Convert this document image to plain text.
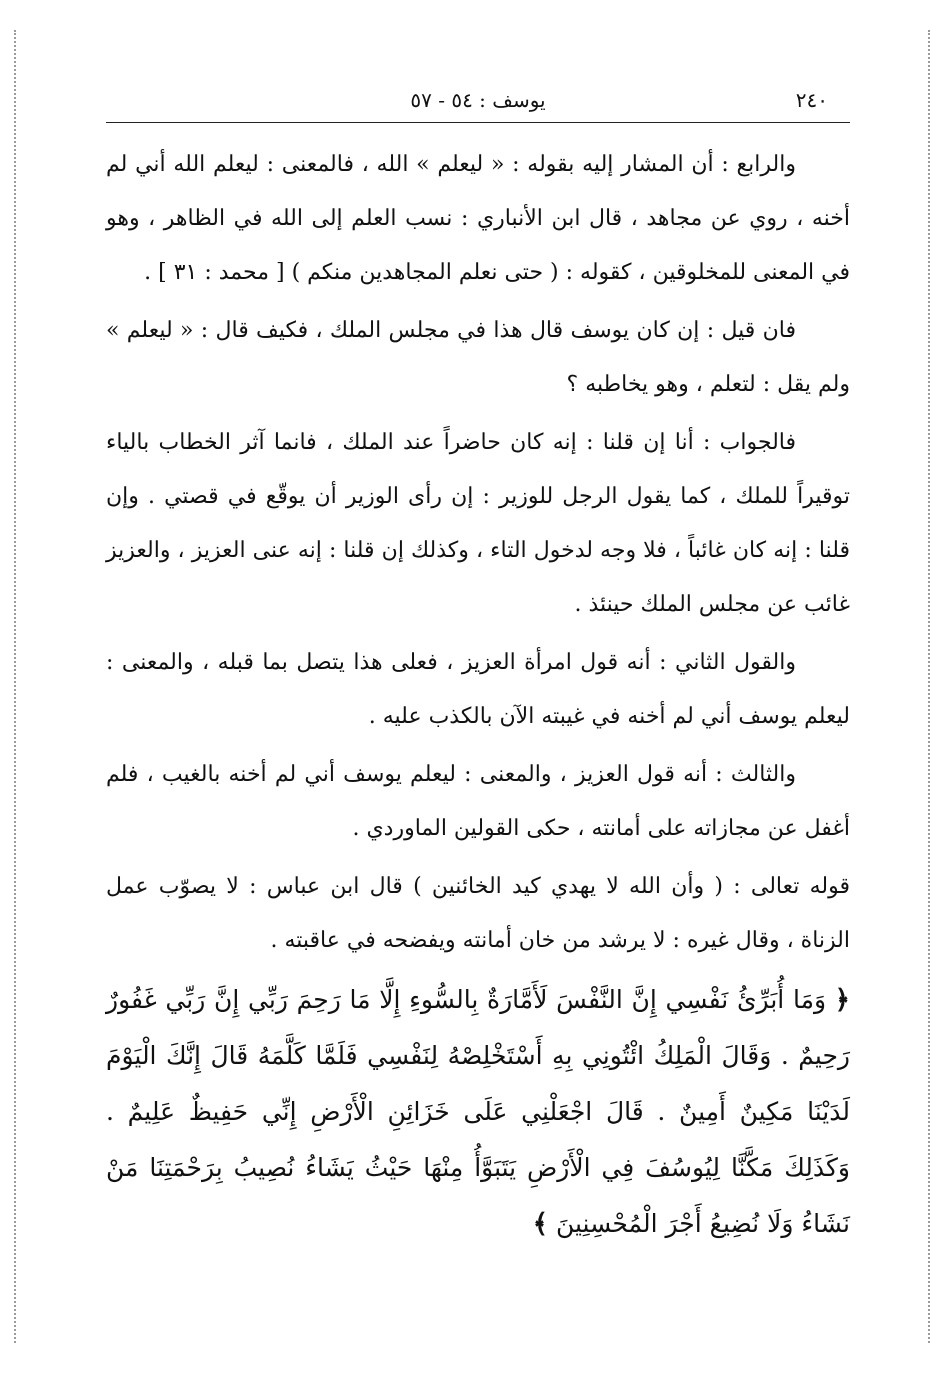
٢٤٠
يوسف : ٥٤ - ٥٧

والرابع : أن المشار إليه بقوله : « ليعلم » الله ، فالمعنى : ليعلم الله أني لم أخنه ، روي عن مجاهد ، قال ابن الأنباري : نسب العلم إلى الله في الظاهر ، وهو في المعنى للمخلوقين ، كقوله : ( حتى نعلم المجاهدين منكم ) [ محمد : ٣١ ] .

فان قيل : إن كان يوسف قال هذا في مجلس الملك ، فكيف قال : « ليعلم » ولم يقل : لتعلم ، وهو يخاطبه ؟

فالجواب : أنا إن قلنا : إنه كان حاضراً عند الملك ، فانما آثر الخطاب بالياء توقيراً للملك ، كما يقول الرجل للوزير : إن رأى الوزير أن يوقّع في قصتي . وإن قلنا : إنه كان غائباً ، فلا وجه لدخول التاء ، وكذلك إن قلنا : إنه عنى العزيز ، والعزيز غائب عن مجلس الملك حينئذ .

والقول الثاني : أنه قول امرأة العزيز ، فعلى هذا يتصل بما قبله ، والمعنى : ليعلم يوسف أني لم أخنه في غيبته الآن بالكذب عليه .

والثالث : أنه قول العزيز ، والمعنى : ليعلم يوسف أني لم أخنه بالغيب ، فلم أغفل عن مجازاته على أمانته ، حكى القولين الماوردي .

قوله تعالى : ( وأن الله لا يهدي كيد الخائنين ) قال ابن عباس : لا يصوّب عمل الزناة ، وقال غيره : لا يرشد من خان أمانته ويفضحه في عاقبته .

﴿ وَمَا أُبَرِّئُ نَفْسِي إِنَّ النَّفْسَ لَأَمَّارَةٌ بِالسُّوءِ إِلَّا مَا رَحِمَ رَبِّي إِنَّ رَبِّي غَفُورٌ رَحِيمٌ . وَقَالَ الْمَلِكُ ائْتُونِي بِهِ أَسْتَخْلِصْهُ لِنَفْسِي فَلَمَّا كَلَّمَهُ قَالَ إِنَّكَ الْيَوْمَ لَدَيْنَا مَكِينٌ أَمِينٌ . قَالَ اجْعَلْنِي عَلَى خَزَائِنِ الْأَرْضِ إِنِّي حَفِيظٌ عَلِيمٌ . وَكَذَلِكَ مَكَّنَّا لِيُوسُفَ فِي الْأَرْضِ يَتَبَوَّأُ مِنْهَا حَيْثُ يَشَاءُ نُصِيبُ بِرَحْمَتِنَا مَنْ نَشَاءُ وَلَا نُضِيعُ أَجْرَ الْمُحْسِنِينَ ﴾
